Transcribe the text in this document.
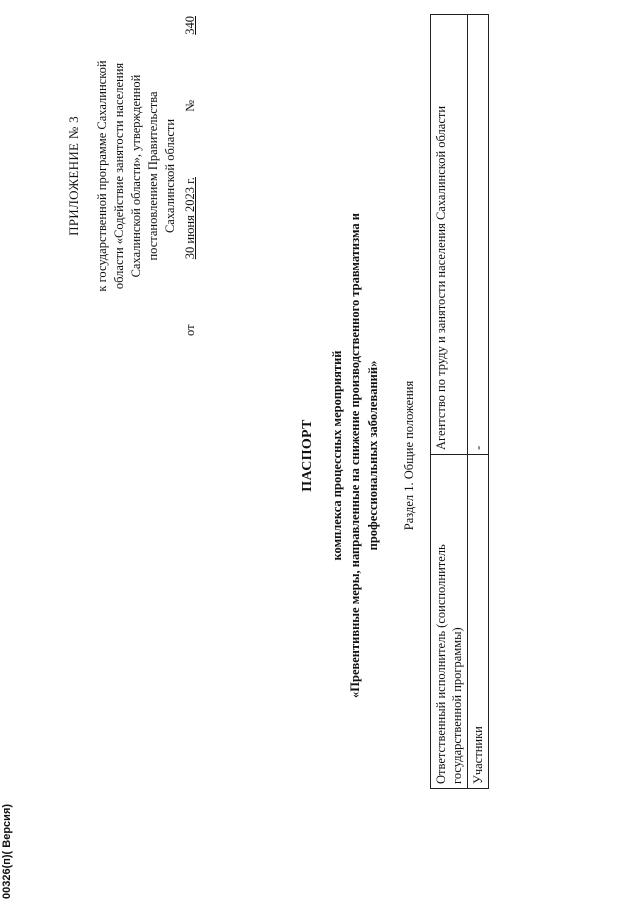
ПРИЛОЖЕНИЕ № 3 к государственной программе Сахалинской области «Содействие занятости населения Сахалинской области», утвержденной постановлением Правительства Сахалинской области
от
30 июня 2023 г.
№
340
ПАСПОРТ комплекса процессных мероприятий «Превентивные меры, направленные на снижение производственного травматизма и профессиональных заболеваний» Раздел 1. Общие положения
Ответственный исполнитель (соисполнитель государственной программы)	Агентство по труду и занятости населения Сахалинской области
Участники	-
00326(п)( Версия)
